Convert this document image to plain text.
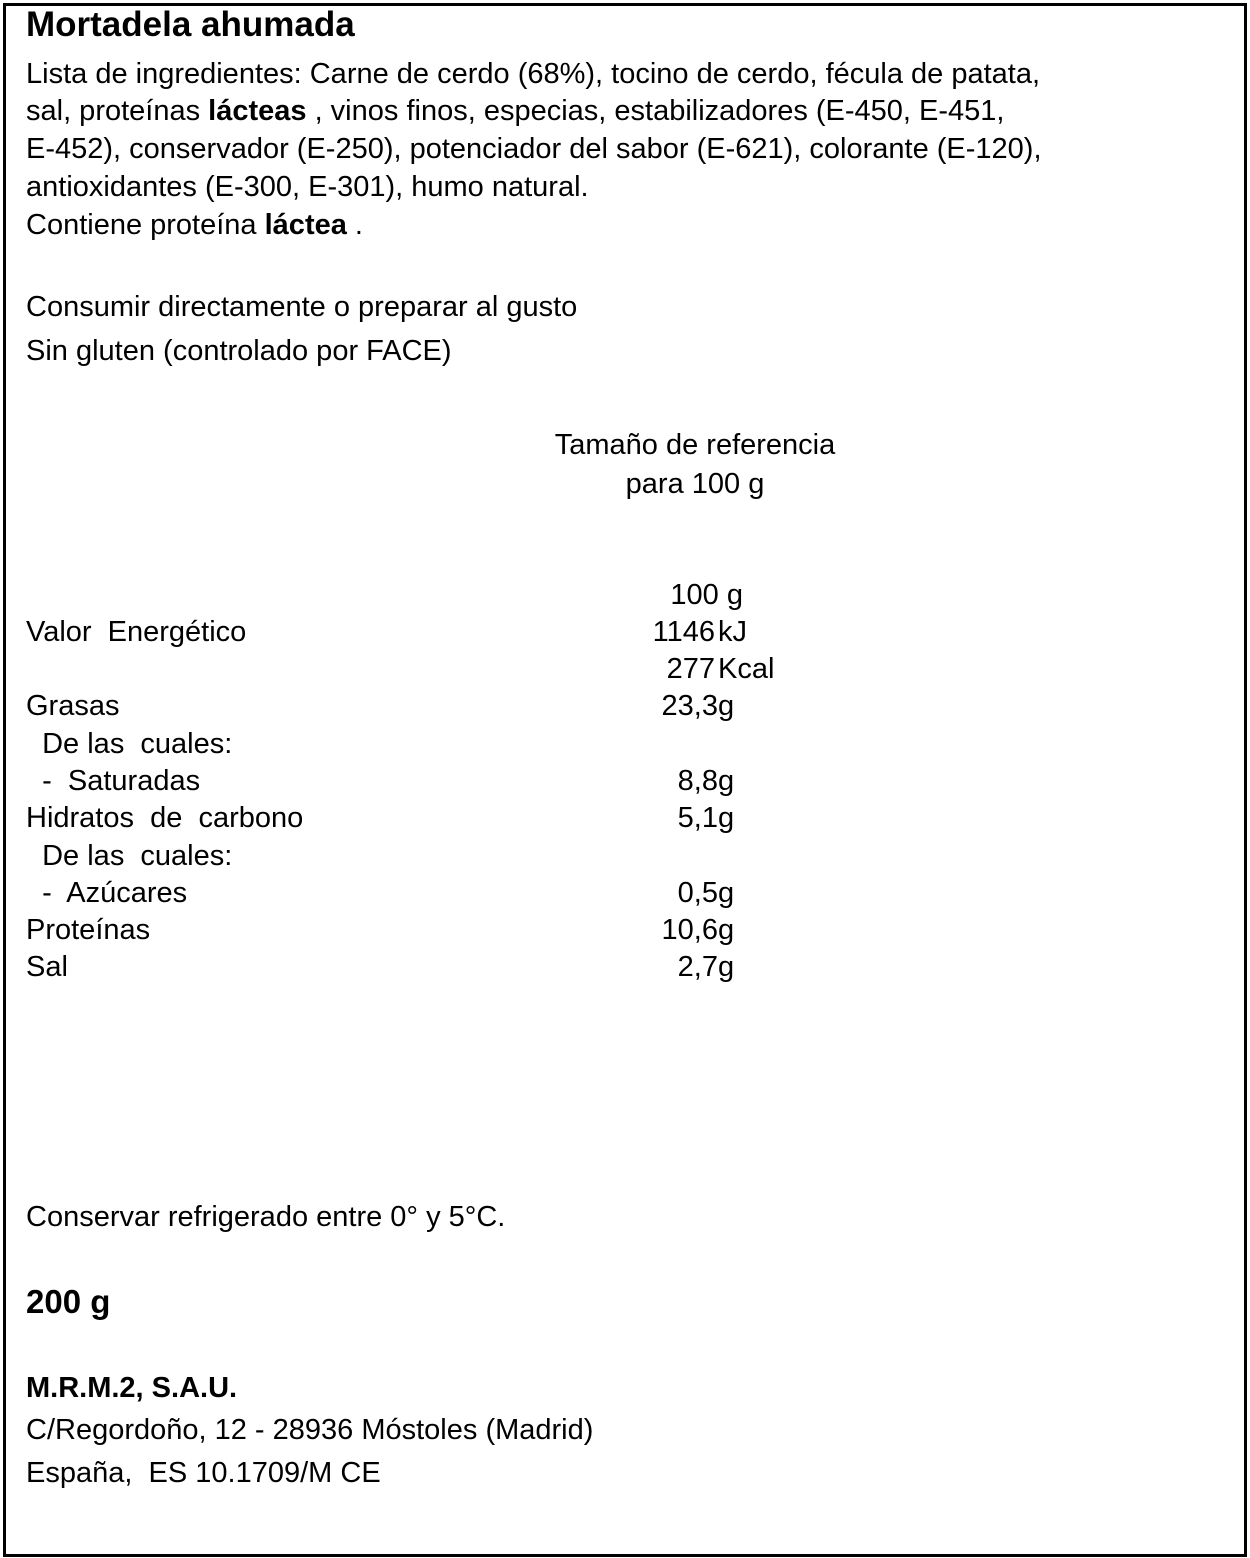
Mortadela ahumada
Lista de ingredientes: Carne de cerdo (68%), tocino de cerdo, fécula de patata,
sal, proteínas lácteas , vinos finos, especias, estabilizadores (E-450, E-451,
E-452), conservador (E-250), potenciador del sabor (E-621), colorante (E-120),
antioxidantes (E-300, E-301), humo natural.
Contiene proteína láctea .
Consumir directamente o preparar al gusto
Sin gluten (controlado por FACE)
Tamaño de referencia
para 100 g
100 g
Valor  Energético	1146 kJ
277 Kcal
Grasas	23,3 g
De las  cuales:
-  Saturadas	8,8 g
Hidratos  de  carbono	5,1 g
De las  cuales:
-  Azúcares	0,5 g
Proteínas	10,6 g
Sal	2,7 g
Conservar refrigerado entre 0° y 5°C.
200 g
M.R.M.2, S.A.U.
C/Regordoño, 12 - 28936 Móstoles (Madrid)
España,  ES 10.1709/M CE
